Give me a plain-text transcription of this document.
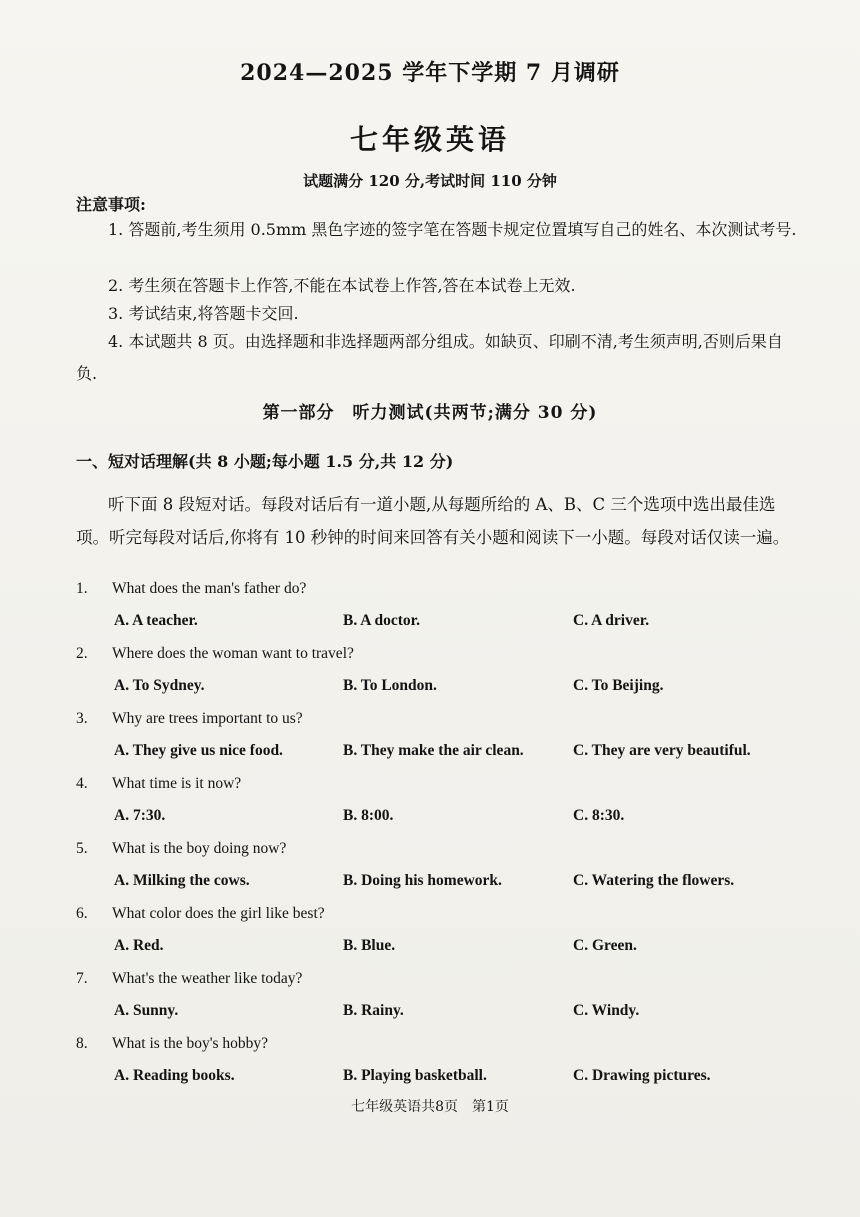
2024—2025 学年下学期 7 月调研
七年级英语
试题满分 120 分,考试时间 110 分钟
注意事项:
1. 答题前,考生须用 0.5mm 黑色字迹的签字笔在答题卡规定位置填写自己的姓名、本次测试考号.
2. 考生须在答题卡上作答,不能在本试卷上作答,答在本试卷上无效.
3. 考试结束,将答题卡交回.
4. 本试题共 8 页。由选择题和非选择题两部分组成。如缺页、印刷不清,考生须声明,否则后果自负.
第一部分　听力测试(共两节;满分 30 分)
一、短对话理解(共 8 小题;每小题 1.5 分,共 12 分)
听下面 8 段短对话。每段对话后有一道小题,从每题所给的 A、B、C 三个选项中选出最佳选项。听完每段对话后,你将有 10 秒钟的时间来回答有关小题和阅读下一小题。每段对话仅读一遍。
1. What does the man's father do?
A. A teacher.	B. A doctor.	C. A driver.
2. Where does the woman want to travel?
A. To Sydney.	B. To London.	C. To Beijing.
3. Why are trees important to us?
A. They give us nice food.	B. They make the air clean.	C. They are very beautiful.
4. What time is it now?
A. 7:30.	B. 8:00.	C. 8:30.
5. What is the boy doing now?
A. Milking the cows.	B. Doing his homework.	C. Watering the flowers.
6. What color does the girl like best?
A. Red.	B. Blue.	C. Green.
7. What's the weather like today?
A. Sunny.	B. Rainy.	C. Windy.
8. What is the boy's hobby?
A. Reading books.	B. Playing basketball.	C. Drawing pictures.
七年级英语共8页　第1页
